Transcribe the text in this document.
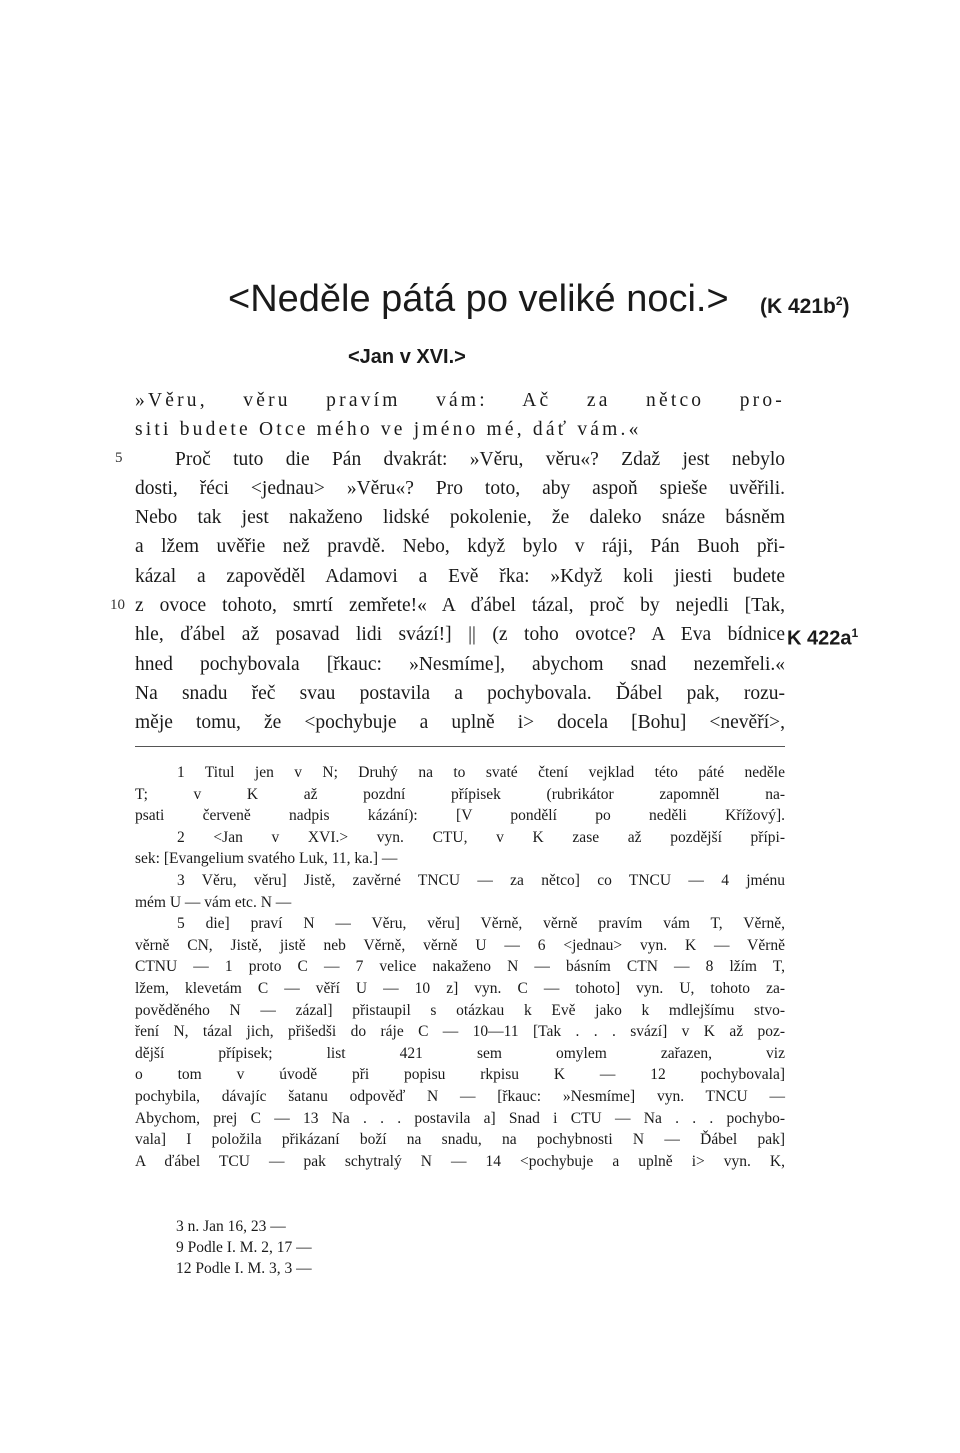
<Neděle pátá po veliké noci.> (K $421b^2$)
<Jan v XVI.>
»Věru, věru pravím vám: Ač za nětco pro-
siti budete Otce mého ve jméno mé, dáť vám.«
Proč tuto die Pán dvakrát: »Věru, věru«? Zdaž jest nebylo
dosti, řéci <jednau> »Věru«? Pro toto, aby aspoň spieše uvěřili.
Nebo tak jest nakaženo lidské pokolenie, že daleko snáze básněm
a lžem uvěřie než pravdě. Nebo, když bylo v ráji, Pán Buoh při-
kázal a zapověděl Adamovi a Evě řka: »Když koli jiesti budete
z ovoce tohoto, smrtí zemřete!« A ďábel tázal, proč by nejedli [Tak,
hle, ďábel až posavad lidi svází!] || (z toho ovotce? A Eva bídnice
hned pochybovala [řkauc: »Nesmíme], abychom snad nezemřeli.«
Na snadu řeč svau postavila a pochybovala. Ďábel pak, rozu-
měje tomu, že <pochybuje a uplně i> docela [Bohu] <nevěří>,
5
10
K $422a^1$
1 Titul jen v N; Druhý na to svaté čtení vejklad této páté neděle
T; v K až pozdní přípisek (rubrikátor zapomněl na-
psati červeně nadpis kázání): [V pondělí po neděli Křížový].
2 <Jan v XVI.> vyn. CTU, v K zase až pozdější přípi-
sek: [Evangelium svatého Luk, 11, ka.] —
3 Věru, věru] Jistě, zavěrné TNCU — za nětco] co TNCU — 4 jménu
mém U — vám etc. N —
5 die] praví N — Věru, věru] Věrně, věrně pravím vám T, Věrně,
věrně CN, Jistě, jistě neb Věrně, věrně U — 6 <jednau> vyn. K — Věrně
CTNU — 1 proto C — 7 velice nakaženo N — básním CTN — 8 lžím T,
lžem, klevetám C — věří U — 10 z] vyn. C — tohoto] vyn. U, tohoto za-
pověděného N — zázal] přistaupil s otázkau k Evě jako k mdlejšímu stvo-
ření N, tázal jich, přišedši do ráje C — 10—11 [Tak . . . svází] v K až poz-
dější přípisek; list 421 sem omylem zařazen, viz
o tom v úvodě při popisu rkpisu K — 12 pochybovala]
pochybila, dávajíc šatanu odpověď N — [řkauc: »Nesmíme] vyn. TNCU —
Abychom, prej C — 13 Na . . . postavila a] Snad i CTU — Na . . . pochybo-
vala] I položila přikázaní boží na snadu, na pochybnosti N — Ďábel pak]
A ďábel TCU — pak schytralý N — 14 <pochybuje a uplně i> vyn. K,
3 n. Jan 16, 23 —
9 Podle I. M. 2, 17 —
12 Podle I. M. 3, 3 —
